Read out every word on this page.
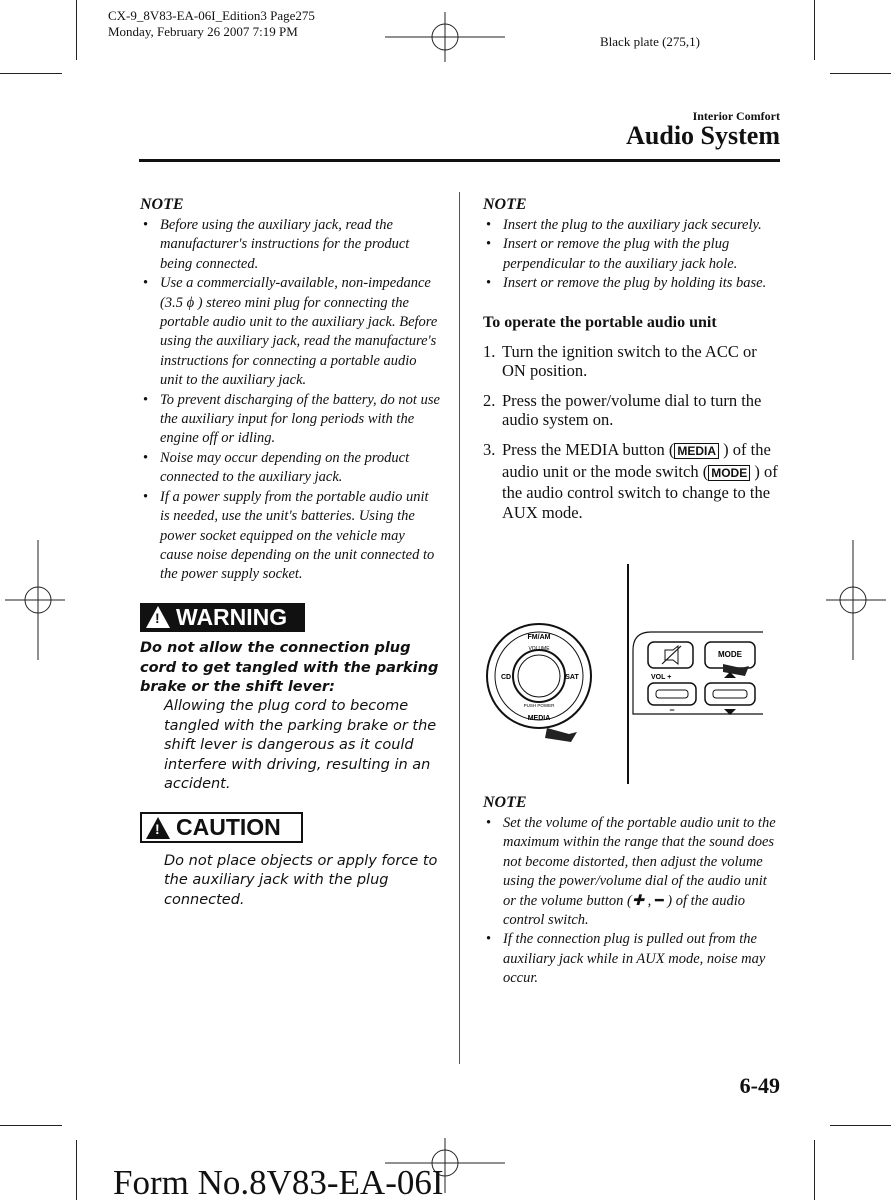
CX-9_8V83-EA-06I_Edition3 Page275
Monday, February 26 2007 7:19 PM
Black plate (275,1)
Interior Comfort
Audio System
NOTE
• Before using the auxiliary jack, read the manufacturer's instructions for the product being connected.
• Use a commercially-available, non-impedance (3.5 ϕ ) stereo mini plug for connecting the portable audio unit to the auxiliary jack. Before using the auxiliary jack, read the manufacture's instructions for connecting a portable audio unit to the auxiliary jack.
• To prevent discharging of the battery, do not use the auxiliary input for long periods with the engine off or idling.
• Noise may occur depending on the product connected to the auxiliary jack.
• If a power supply from the portable audio unit is needed, use the unit's batteries. Using the power socket equipped on the vehicle may cause noise depending on the unit connected to the power supply socket.
! WARNING
Do not allow the connection plug cord to get tangled with the parking brake or the shift lever:
Allowing the plug cord to become tangled with the parking brake or the shift lever is dangerous as it could interfere with driving, resulting in an accident.
! CAUTION
Do not place objects or apply force to the auxiliary jack with the plug connected.
NOTE
• Insert the plug to the auxiliary jack securely.
• Insert or remove the plug with the plug perpendicular to the auxiliary jack hole.
• Insert or remove the plug by holding its base.
To operate the portable audio unit
1. Turn the ignition switch to the ACC or ON position.
2. Press the power/volume dial to turn the audio system on.
3. Press the MEDIA button ( MEDIA ) of the audio unit or the mode switch ( MODE ) of the audio control switch to change to the AUX mode.
FM/AM
VOLUME
CD	SAT
PUSH POWER
MEDIA
MODE
VOL +
−
NOTE
• Set the volume of the portable audio unit to the maximum within the range that the sound does not become distorted, then adjust the volume using the power/volume dial of the audio unit or the volume button (✚ , ━ ) of the audio control switch.
• If the connection plug is pulled out from the auxiliary jack while in AUX mode, noise may occur.
6-49
Form No.8V83-EA-06I
